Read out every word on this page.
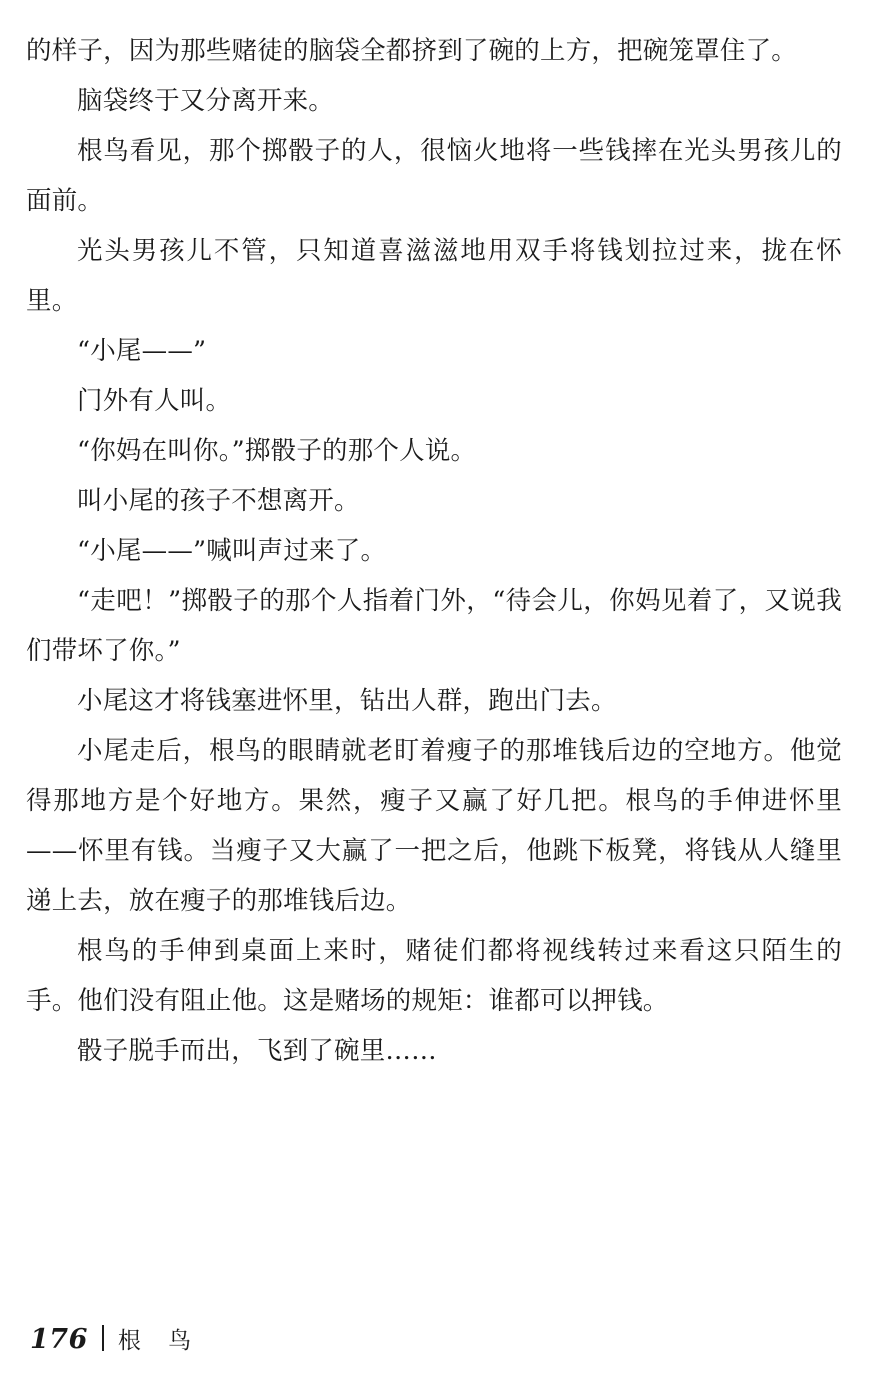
的样子，因为那些赌徒的脑袋全都挤到了碗的上方，把碗笼罩住了。

脑袋终于又分离开来。

根鸟看见，那个掷骰子的人，很恼火地将一些钱摔在光头男孩儿的面前。

光头男孩儿不管，只知道喜滋滋地用双手将钱划拉过来，拢在怀里。

“小尾——”

门外有人叫。

“你妈在叫你。”掷骰子的那个人说。

叫小尾的孩子不想离开。

“小尾——”喊叫声过来了。

“走吧！”掷骰子的那个人指着门外，“待会儿，你妈见着了，又说我们带坏了你。”

小尾这才将钱塞进怀里，钻出人群，跑出门去。

小尾走后，根鸟的眼睛就老盯着瘦子的那堆钱后边的空地方。他觉得那地方是个好地方。果然，瘦子又赢了好几把。根鸟的手伸进怀里——怀里有钱。当瘦子又大赢了一把之后，他跳下板凳，将钱从人缝里递上去，放在瘦子的那堆钱后边。

根鸟的手伸到桌面上来时，赌徒们都将视线转过来看这只陌生的手。他们没有阻止他。这是赌场的规矩：谁都可以押钱。

骰子脱手而出，飞到了碗里……

176 根 鸟
